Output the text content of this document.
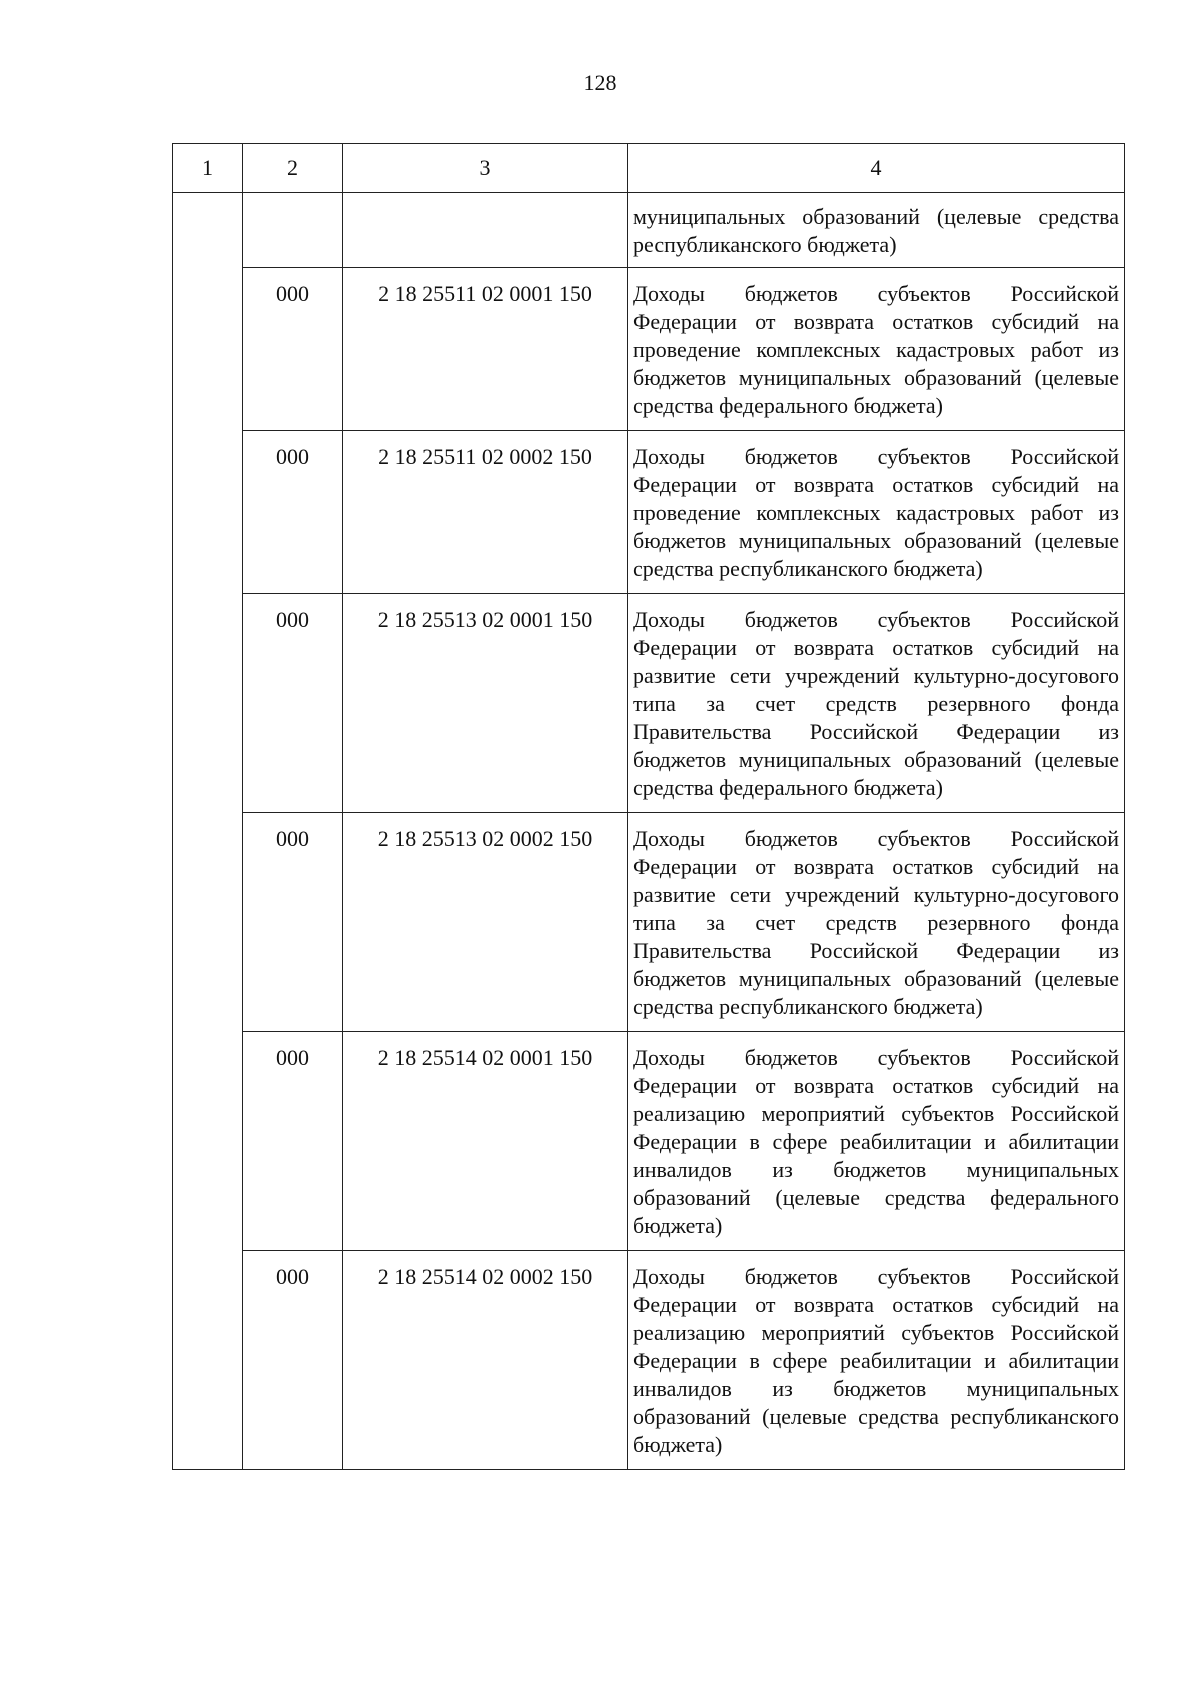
128
1	2	3	4
			муниципальных образований (целевые средства республиканского бюджета)
	000	2 18 25511 02 0001 150	Доходы бюджетов субъектов Российской Федерации от возврата остатков субсидий на проведение комплексных кадастровых работ из бюджетов муниципальных образований (целевые средства федерального бюджета)
	000	2 18 25511 02 0002 150	Доходы бюджетов субъектов Российской Федерации от возврата остатков субсидий на проведение комплексных кадастровых работ из бюджетов муниципальных образований (целевые средства республиканского бюджета)
	000	2 18 25513 02 0001 150	Доходы бюджетов субъектов Российской Федерации от возврата остатков субсидий на развитие сети учреждений культурно-досугового типа за счет средств резервного фонда Правительства Российской Федерации из бюджетов муниципальных образований (целевые средства федерального бюджета)
	000	2 18 25513 02 0002 150	Доходы бюджетов субъектов Российской Федерации от возврата остатков субсидий на развитие сети учреждений культурно-досугового типа за счет средств резервного фонда Правительства Российской Федерации из бюджетов муниципальных образований (целевые средства республиканского бюджета)
	000	2 18 25514 02 0001 150	Доходы бюджетов субъектов Российской Федерации от возврата остатков субсидий на реализацию мероприятий субъектов Российской Федерации в сфере реабилитации и абилитации инвалидов из бюджетов муниципальных образований (целевые средства федерального бюджета)
	000	2 18 25514 02 0002 150	Доходы бюджетов субъектов Российской Федерации от возврата остатков субсидий на реализацию мероприятий субъектов Российской Федерации в сфере реабилитации и абилитации инвалидов из бюджетов муниципальных образований (целевые средства республиканского бюджета)
